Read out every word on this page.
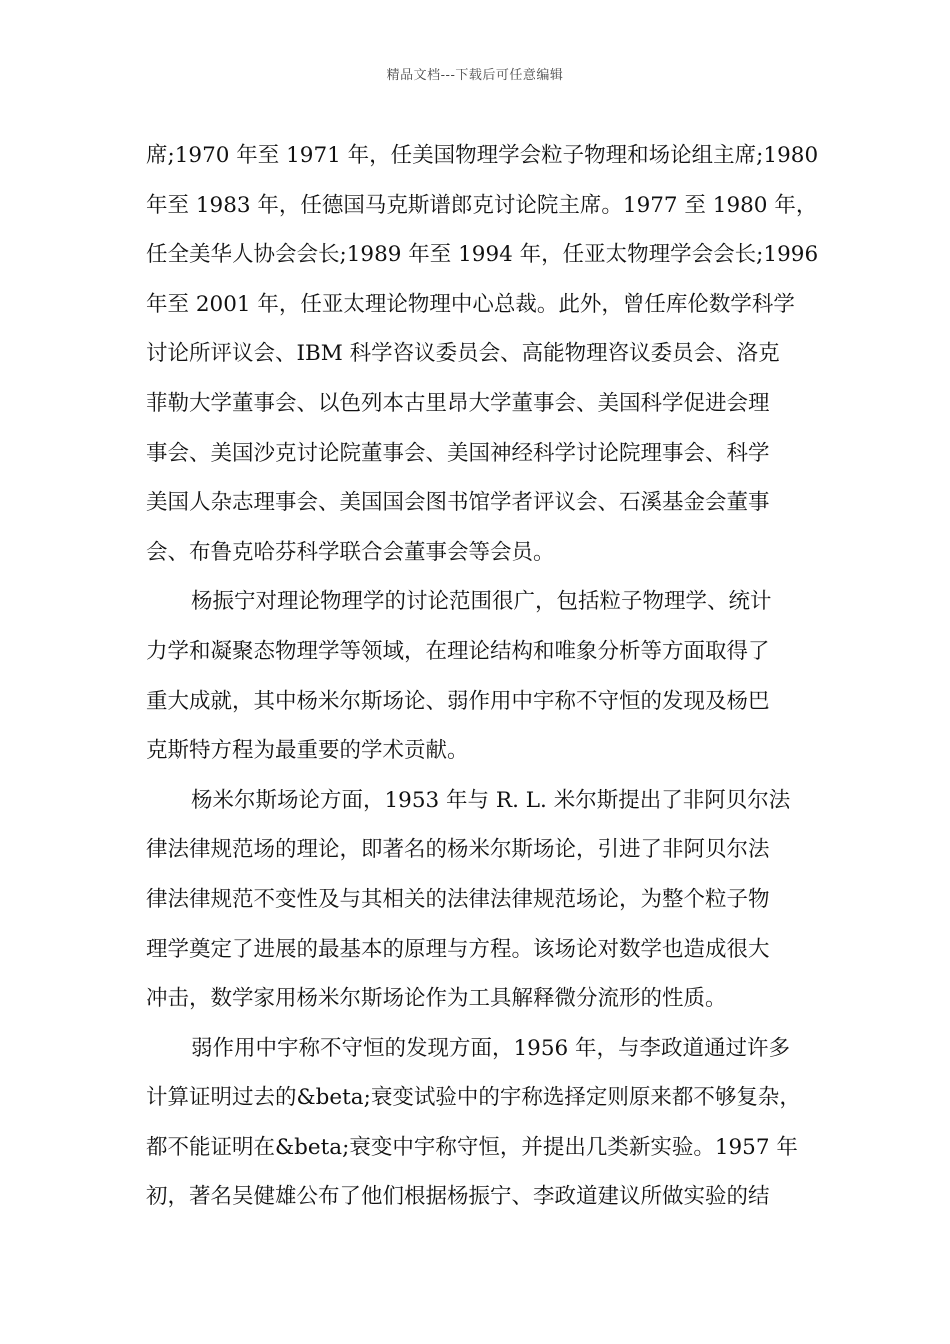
精品文档---下载后可任意编辑
席;1970 年至 1971 年，任美国物理学会粒子物理和场论组主席;1980
年至 1983 年，任德国马克斯谱郎克讨论院主席。1977 至 1980 年，
任全美华人协会会长;1989 年至 1994 年，任亚太物理学会会长;1996
年至 2001 年，任亚太理论物理中心总裁。此外，曾任库伦数学科学
讨论所评议会、IBM 科学咨议委员会、高能物理咨议委员会、洛克
菲勒大学董事会、以色列本古里昂大学董事会、美国科学促进会理
事会、美国沙克讨论院董事会、美国神经科学讨论院理事会、科学
美国人杂志理事会、美国国会图书馆学者评议会、石溪基金会董事
会、布鲁克哈芬科学联合会董事会等会员。
杨振宁对理论物理学的讨论范围很广，包括粒子物理学、统计
力学和凝聚态物理学等领域，在理论结构和唯象分析等方面取得了
重大成就，其中杨米尔斯场论、弱作用中宇称不守恒的发现及杨巴
克斯特方程为最重要的学术贡献。
杨米尔斯场论方面，1953 年与 R. L. 米尔斯提出了非阿贝尔法
律法律规范场的理论，即著名的杨米尔斯场论，引进了非阿贝尔法
律法律规范不变性及与其相关的法律法律规范场论，为整个粒子物
理学奠定了进展的最基本的原理与方程。该场论对数学也造成很大
冲击，数学家用杨米尔斯场论作为工具解释微分流形的性质。
弱作用中宇称不守恒的发现方面，1956 年，与李政道通过许多
计算证明过去的&beta;衰变试验中的宇称选择定则原来都不够复杂，
都不能证明在&beta;衰变中宇称守恒，并提出几类新实验。1957 年
初，著名吴健雄公布了他们根据杨振宁、李政道建议所做实验的结
